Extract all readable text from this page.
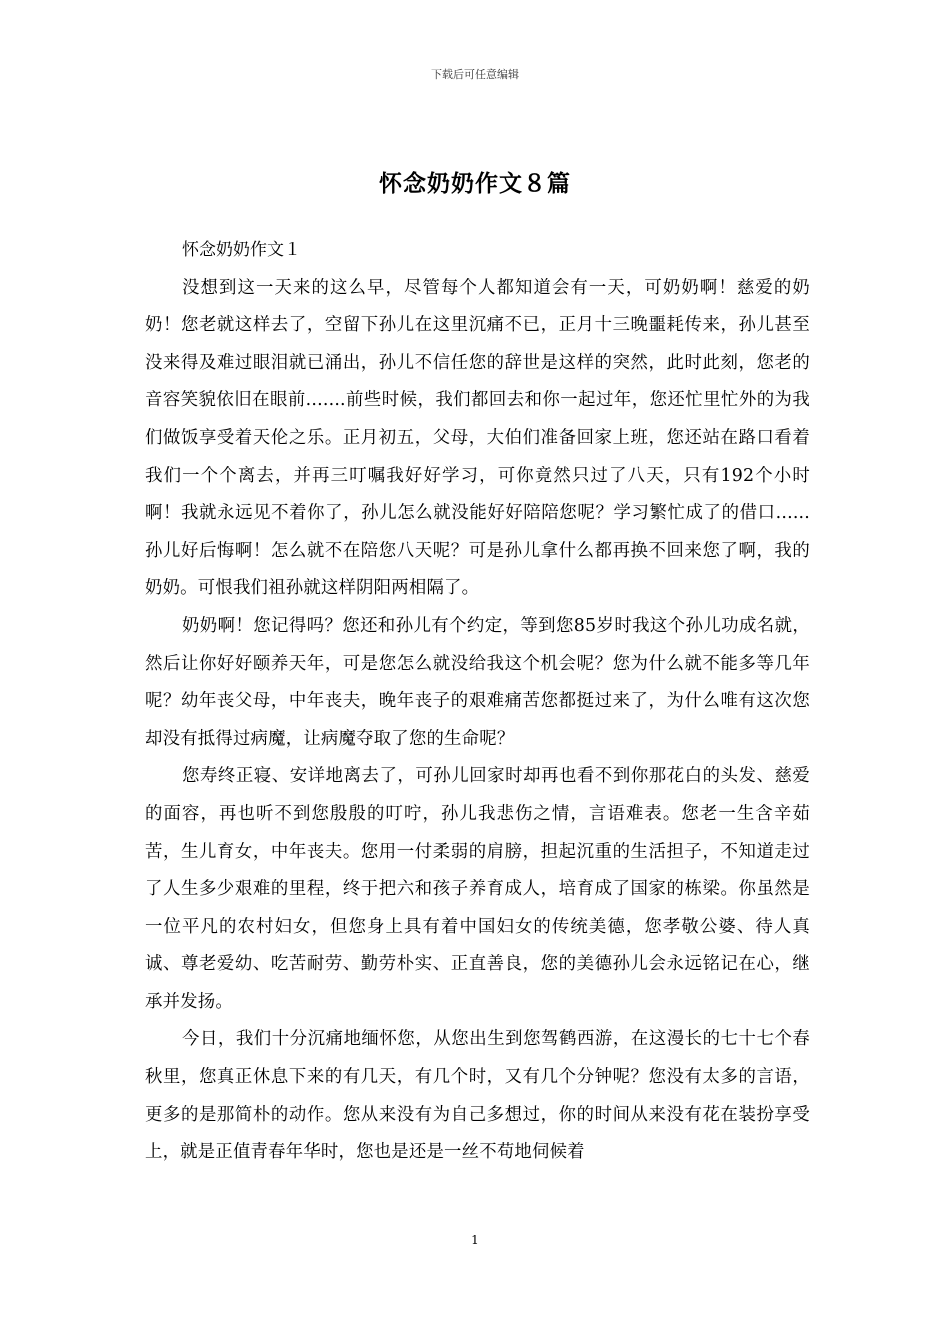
下载后可任意编辑
怀念奶奶作文８篇

怀念奶奶作文１

没想到这一天来的这么早，尽管每个人都知道会有一天，可奶奶啊！慈爱的奶奶！您老就这样去了，空留下孙儿在这里沉痛不已，正月十三晚噩耗传来，孙儿甚至没来得及难过眼泪就已涌出，孙儿不信任您的辞世是这样的突然，此时此刻，您老的音容笑貌依旧在眼前.......前些时候，我们都回去和你一起过年，您还忙里忙外的为我们做饭享受着天伦之乐。正月初五，父母，大伯们准备回家上班，您还站在路口看着我们一个个离去，并再三叮嘱我好好学习，可你竟然只过了八天，只有192个小时啊！我就永远见不着你了，孙儿怎么就没能好好陪陪您呢？学习繁忙成了的借口......孙儿好后悔啊！怎么就不在陪您八天呢？可是孙儿拿什么都再换不回来您了啊，我的奶奶。可恨我们祖孙就这样阴阳两相隔了。

奶奶啊！您记得吗？您还和孙儿有个约定，等到您85岁时我这个孙儿功成名就，然后让你好好颐养天年，可是您怎么就没给我这个机会呢？您为什么就不能多等几年呢？幼年丧父母，中年丧夫，晚年丧子的艰难痛苦您都挺过来了，为什么唯有这次您却没有抵得过病魔，让病魔夺取了您的生命呢？

您寿终正寝、安详地离去了，可孙儿回家时却再也看不到你那花白的头发、慈爱的面容，再也听不到您殷殷的叮咛，孙儿我悲伤之情，言语难表。您老一生含辛茹苦，生儿育女，中年丧夫。您用一付柔弱的肩膀，担起沉重的生活担子，不知道走过了人生多少艰难的里程，终于把六和孩子养育成人，培育成了国家的栋梁。你虽然是一位平凡的农村妇女，但您身上具有着中国妇女的传统美德，您孝敬公婆、待人真诚、尊老爱幼、吃苦耐劳、勤劳朴实、正直善良，您的美德孙儿会永远铭记在心，继承并发扬。

今日，我们十分沉痛地缅怀您，从您出生到您驾鹤西游，在这漫长的七十七个春秋里，您真正休息下来的有几天，有几个时，又有几个分钟呢？您没有太多的言语，更多的是那简朴的动作。您从来没有为自己多想过，你的时间从来没有花在装扮享受上，就是正值青春年华时，您也是还是一丝不苟地伺候着

1
